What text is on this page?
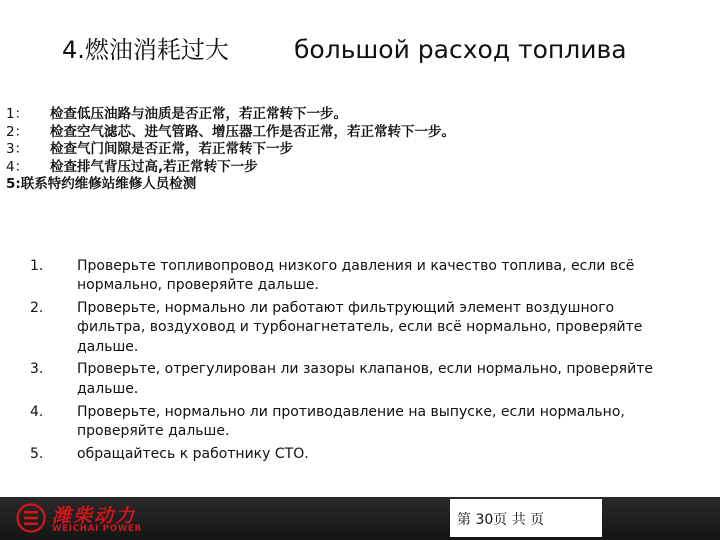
4.燃油消耗过大	большой расход топлива
1： 检查低压油路与油质是否正常，若正常转下一步。
2： 检查空气滤芯、进气管路、增压器工作是否正常，若正常转下一步。
3： 检查气门间隙是否正常，若正常转下一步
4： 检查排气背压过高,若正常转下一步
5:联系特约维修站维修人员检测
1. Проверьте топливопровод низкого давления и качество топлива, если всё нормально, проверяйте дальше．
2. Проверьте, нормально ли работают фильтрующий элемент воздушного фильтра, воздуховод и турбонагнетатель, если всё нормально, проверяйте дальше．
3. Проверьте, отрегулирован ли зазоры клапанов, если нормально, проверяйте дальше．
4. Проверьте, нормально ли противодавление на выпуске, если нормально, проверяйте дальше．
5. обращайтесь к работнику СТО.
潍柴动力
WEICHAI POWER
第 30页 共 页
